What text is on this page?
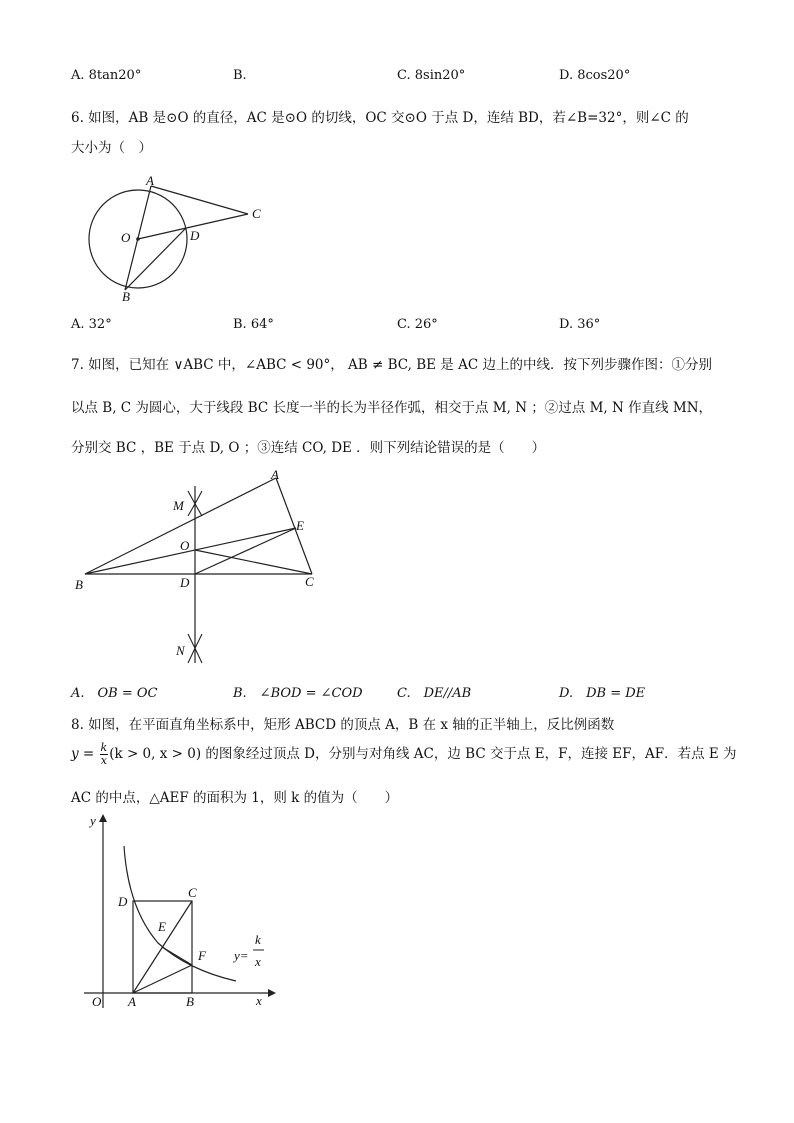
A. 8tan20°	B.	C. 8sin20°	D. 8cos20°
6. 如图，AB 是⊙O 的直径，AC 是⊙O 的切线，OC 交⊙O 于点 D，连结 BD，若∠B=32°，则∠C 的
大小为（　）
A
B
C
D
O
A. 32°	B. 64°	C. 26°	D. 36°
7. 如图，已知在 ∨ABC 中，∠ABC < 90°， AB ≠ BC, BE 是 AC 边上的中线．按下列步骤作图：①分别
以点 B, C 为圆心，大于线段 BC 长度一半的长为半径作弧，相交于点 M, N ；②过点 M, N 作直线 MN，
分别交 BC ，BE 于点 D, O ；③连结 CO, DE ．则下列结论错误的是（　　）
A
B	C
D
E
M
N
O
A.　OB = OC	B.　∠BOD = ∠COD	C.　DE//AB	D.　DB = DE
8. 如图，在平面直角坐标系中，矩形 ABCD 的顶点 A，B 在 x 轴的正半轴上，反比例函数
$y = \frac{k}{x} (k > 0$, x > 0) 的图象经过顶点 D，分别与对角线 AC，边 BC 交于点 E，F，连接 EF，AF．若点 E 为
AC 的中点，△AEF 的面积为 1，则 k 的值为（　　）
y
x
O A	B
C
D
E
F y=
k
x
